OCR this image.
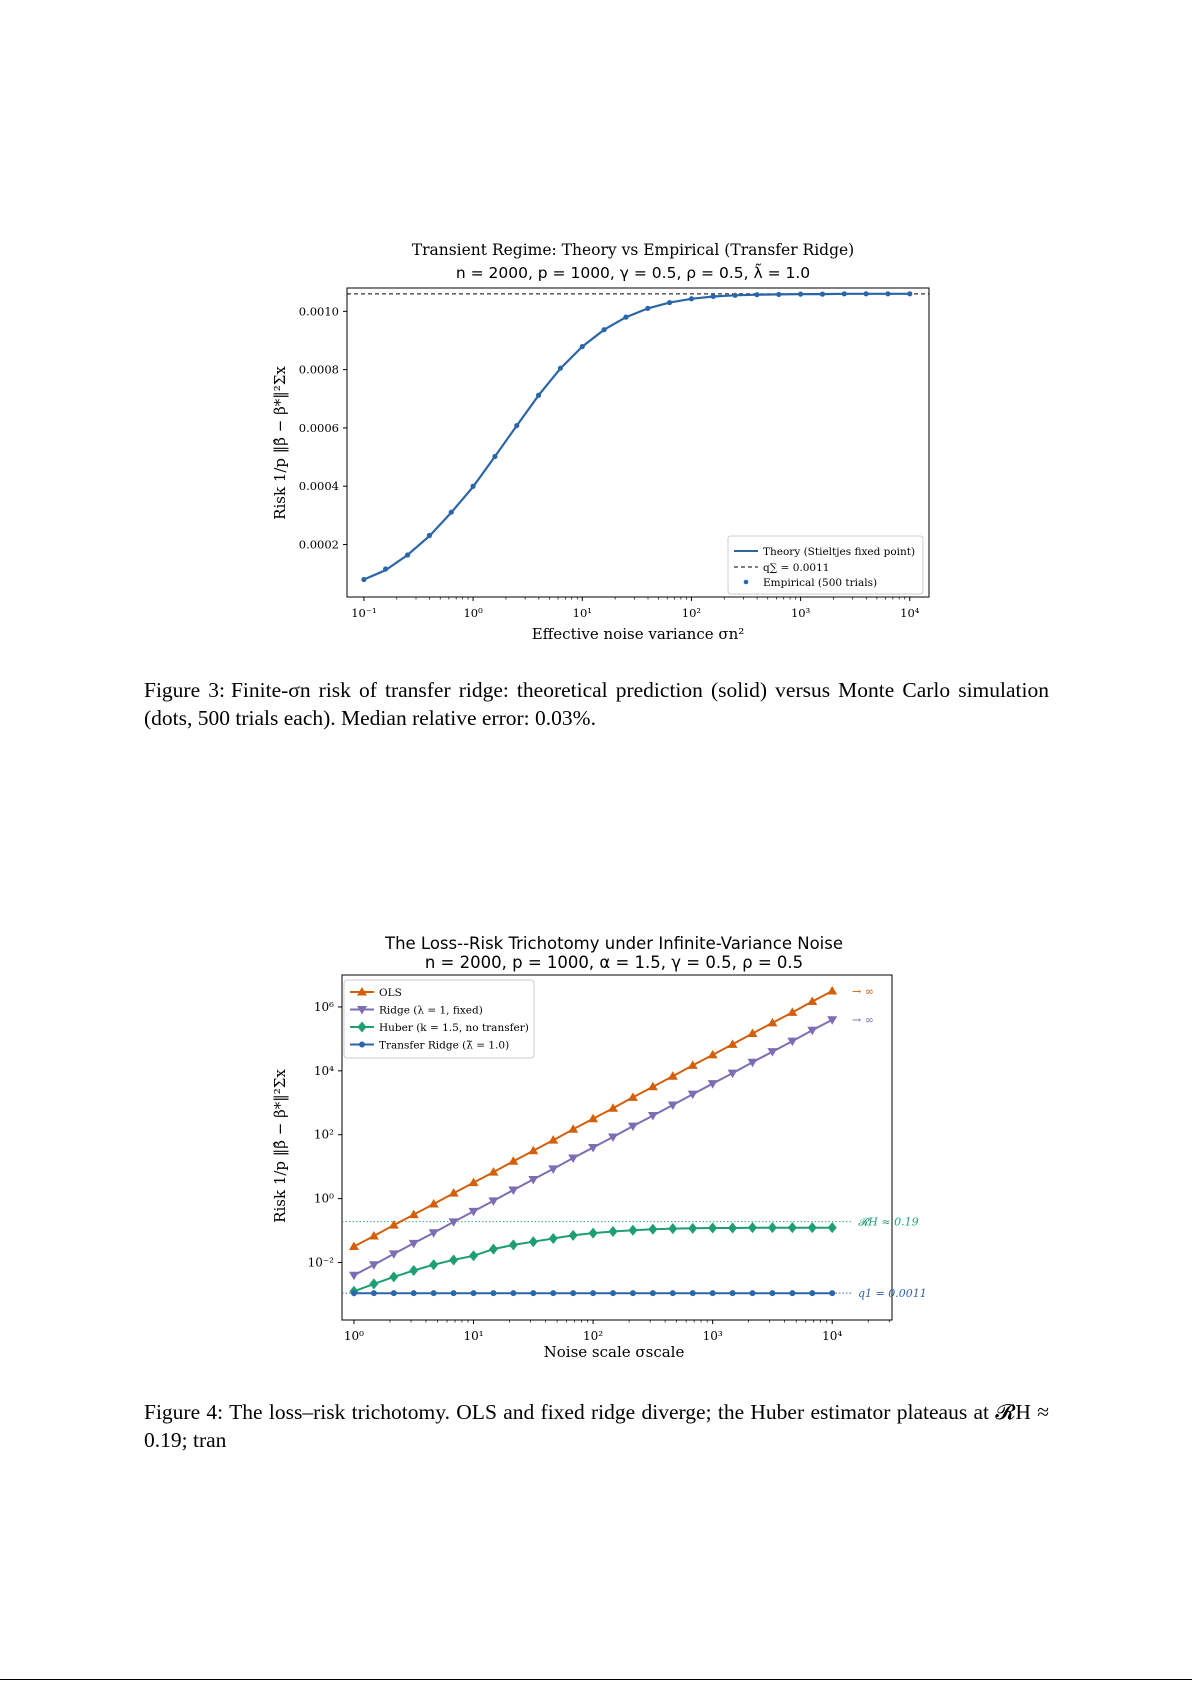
Transient Regime: Theory vs Empirical (Transfer Ridge)
n = 2000, p = 1000, γ = 0.5, ρ = 0.5, λ̃ = 1.0
0.0002
0.0004
0.0006
0.0008
0.0010
10⁻¹	10⁰	10¹	10²	10³	10⁴
Risk 1/p ‖β̂ − β*‖²Σx
Effective noise variance σn²
Theory (Stieltjes fixed point)
q∑ = 0.0011
Empirical (500 trials)
Figure 3: Finite-σn risk of transfer ridge: theoretical prediction (solid) versus Monte Carlo simulation (dots, 500 trials each). Median relative error: 0.03%.
The Loss--Risk Trichotomy under Infinite-Variance Noise
n = 2000, p = 1000, α = 1.5, γ = 0.5, ρ = 0.5
10⁻²
10⁰
10²
10⁴
10⁶
10⁰	10¹	10²	10³	10⁴
𝓡H ≈ 0.19
q1 = 0.0011
→ ∞
→ ∞
Risk 1/p ‖β̂ − β*‖²Σx
Noise scale σscale
OLS
Ridge (λ = 1, fixed)
Huber (k = 1.5, no transfer)
Transfer Ridge (λ̃ = 1.0)
Figure 4: The loss–risk trichotomy. OLS and fixed ridge diverge; the Huber estimator plateaus at 𝓡H ≈ 0.19; tran
